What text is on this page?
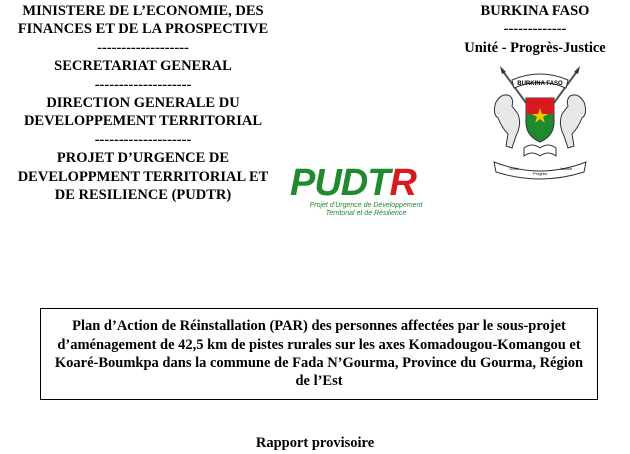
MINISTERE DE L’ECONOMIE, DES
FINANCES ET DE LA PROSPECTIVE
-------------------
SECRETARIAT GENERAL
--------------------
DIRECTION GENERALE DU
DEVELOPPEMENT TERRITORIAL
--------------------
PROJET D’URGENCE DE
DEVELOPPMENT TERRITORIAL ET
DE RESILIENCE (PUDTR)
BURKINA FASO
-------------
Unité - Progrès-Justice
BURKINA FASO
Unité
Progrès
Justice
PUDTR
Projet d’Urgence de Développement
Territorial et de Résilience
Plan d’Action de Réinstallation (PAR) des personnes affectées par le sous-projet
d’aménagement de 42,5 km de pistes rurales sur les axes Komadougou-Komangou et
Koaré-Boumkpa dans la commune de Fada N’Gourma, Province du Gourma, Région
de l’Est
Rapport provisoire
